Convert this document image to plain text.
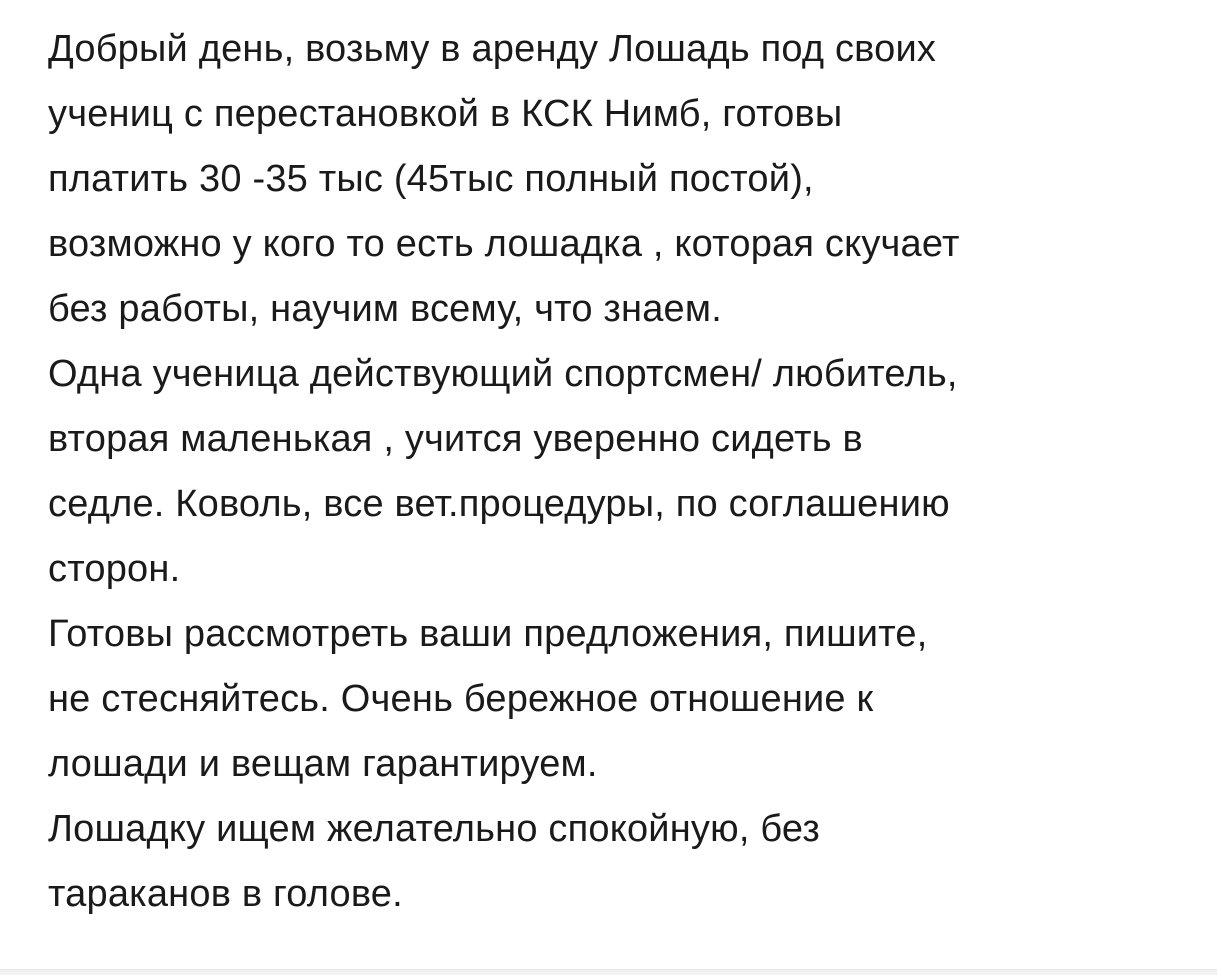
Добрый день, возьму в аренду Лошадь под своих
учениц с перестановкой в КСК Нимб, готовы
платить 30 -35 тыс (45тыс полный постой),
возможно у кого то есть лошадка , которая скучает
без работы, научим всему, что знаем.
Одна ученица действующий спортсмен/ любитель,
вторая маленькая , учится уверенно сидеть в
седле. Коволь, все вет.процедуры, по соглашению
сторон.
Готовы рассмотреть ваши предложения, пишите,
не стесняйтесь. Очень бережное отношение к
лошади и вещам гарантируем.
Лошадку ищем желательно спокойную, без
тараканов в голове.
